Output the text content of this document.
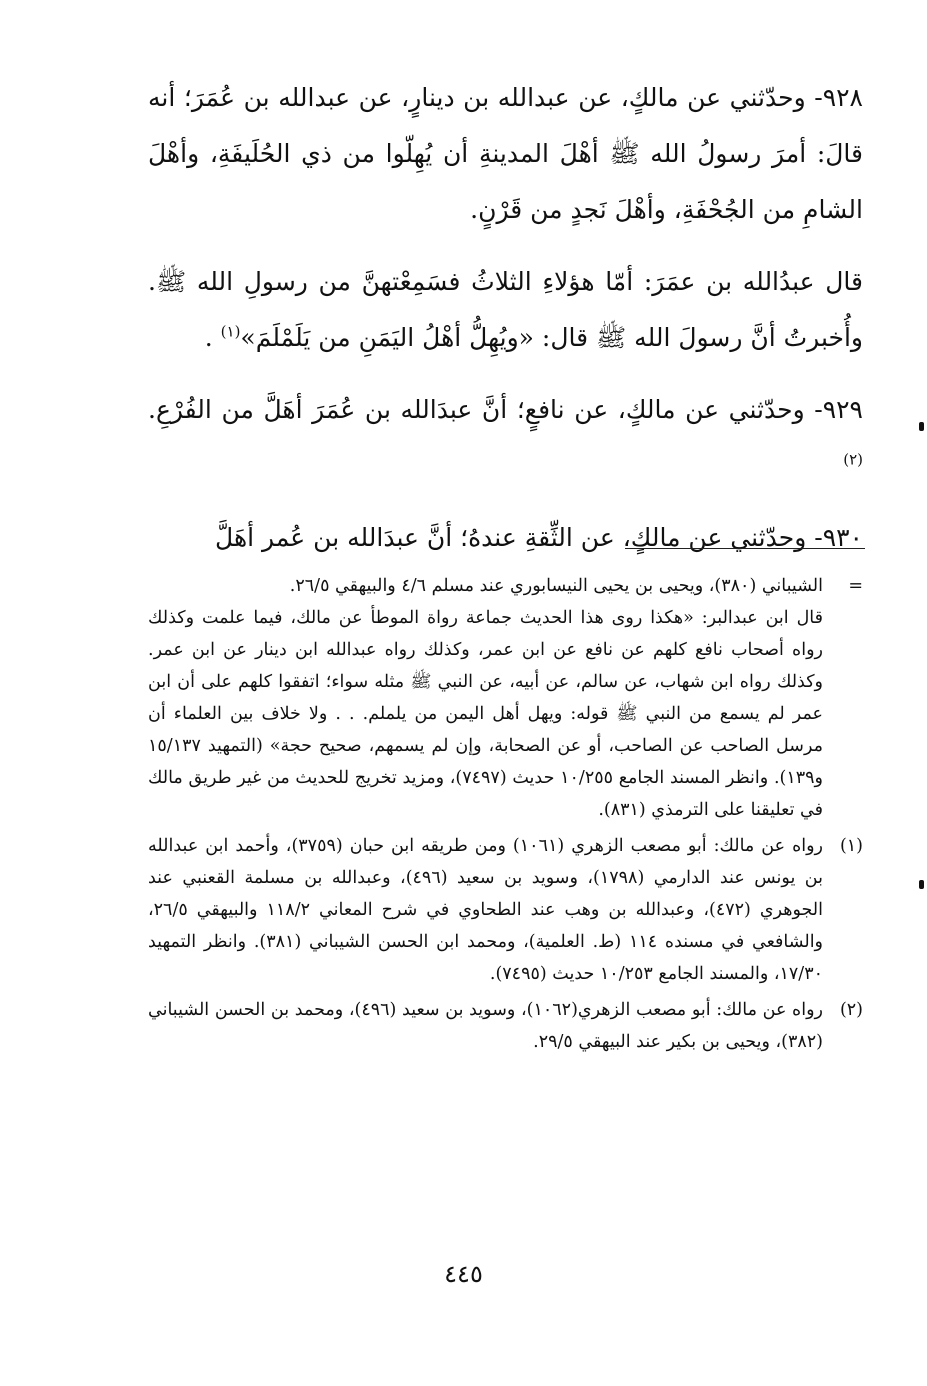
٩٢٨- وحدّثني عن مالكٍ، عن عبدالله بن دينارٍ، عن عبدالله بن عُمَرَ؛ أنه قالَ: أمرَ رسولُ الله ﷺ أهْلَ المدينةِ أن يُهِلّوا من ذي الحُلَيفَةِ، وأهْلَ الشامِ من الجُحْفَةِ، وأهْلَ نَجدٍ من قَرْنٍ.

قال عبدُالله بن عمَرَ: أمّا هؤلاءِ الثلاثُ فسَمِعْتهنَّ من رسولِ الله ﷺ. وأُخبرتُ أنَّ رسولَ الله ﷺ قال: «ويُهِلُّ أهْلُ اليَمَنِ من يَلَمْلَمَ»$^{(١)}$ .

٩٢٩- وحدّثني عن مالكٍ، عن نافعٍ؛ أنَّ عبدَالله بن عُمَرَ أهَلَّ من الفُرْعِ. $^{(٢)}$

٩٣٠- وحدّثني عن مالكٍ، عن الثِّقةِ عندهُ؛ أنَّ عبدَالله بن عُمر أهَلَّ

=

الشيباني (٣٨٠)، ويحيى بن يحيى النيسابوري عند مسلم ٤/٦ والبيهقي ٢٦/٥.

قال ابن عبدالبر: «هكذا روى هذا الحديث جماعة رواة الموطأ عن مالك، فيما علمت وكذلك رواه أصحاب نافع كلهم عن نافع عن ابن عمر، وكذلك رواه عبدالله ابن دينار عن ابن عمر. وكذلك رواه ابن شهاب، عن سالم، عن أبيه، عن النبي ﷺ مثله سواء؛ اتفقوا كلهم على أن ابن عمر لم يسمع من النبي ﷺ قوله: ويهل أهل اليمن من يلملم. . . ولا خلاف بين العلماء أن مرسل الصاحب عن الصاحب، أو عن الصحابة، وإن لم يسمهم، صحيح حجة» (التمهيد ١٥/١٣٧ و١٣٩). وانظر المسند الجامع ١٠/٢٥٥ حديث (٧٤٩٧)، ومزيد تخريج للحديث من غير طريق مالك في تعليقنا على الترمذي (٨٣١).

(١)

رواه عن مالك: أبو مصعب الزهري (١٠٦١) ومن طريقه ابن حبان (٣٧٥٩)، وأحمد ابن عبدالله بن يونس عند الدارمي (١٧٩٨)، وسويد بن سعيد (٤٩٦)، وعبدالله بن مسلمة القعنبي عند الجوهري (٤٧٢)، وعبدالله بن وهب عند الطحاوي في شرح المعاني ١١٨/٢ والبيهقي ٢٦/٥، والشافعي في مسنده ١١٤ (ط. العلمية)، ومحمد ابن الحسن الشيباني (٣٨١). وانظر التمهيد ١٧/٣٠، والمسند الجامع ١٠/٢٥٣ حديث (٧٤٩٥).

(٢)

رواه عن مالك: أبو مصعب الزهري(١٠٦٢)، وسويد بن سعيد (٤٩٦)، ومحمد بن الحسن الشيباني (٣٨٢)، ويحيى بن بكير عند البيهقي ٢٩/٥.

٤٤٥
